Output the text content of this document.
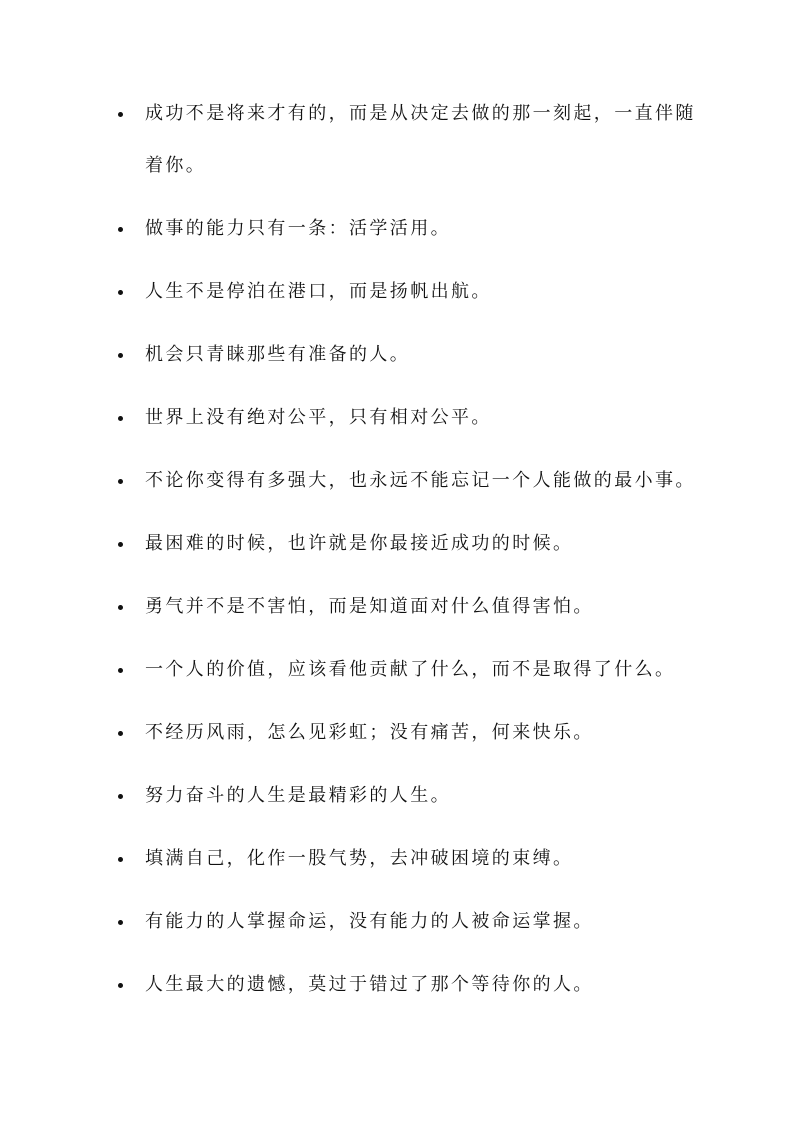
成功不是将来才有的，而是从决定去做的那一刻起，一直伴随着你。
做事的能力只有一条：活学活用。
人生不是停泊在港口，而是扬帆出航。
机会只青睐那些有准备的人。
世界上没有绝对公平，只有相对公平。
不论你变得有多强大，也永远不能忘记一个人能做的最小事。
最困难的时候，也许就是你最接近成功的时候。
勇气并不是不害怕，而是知道面对什么值得害怕。
一个人的价值，应该看他贡献了什么，而不是取得了什么。
不经历风雨，怎么见彩虹；没有痛苦，何来快乐。
努力奋斗的人生是最精彩的人生。
填满自己，化作一股气势，去冲破困境的束缚。
有能力的人掌握命运，没有能力的人被命运掌握。
人生最大的遗憾，莫过于错过了那个等待你的人。
